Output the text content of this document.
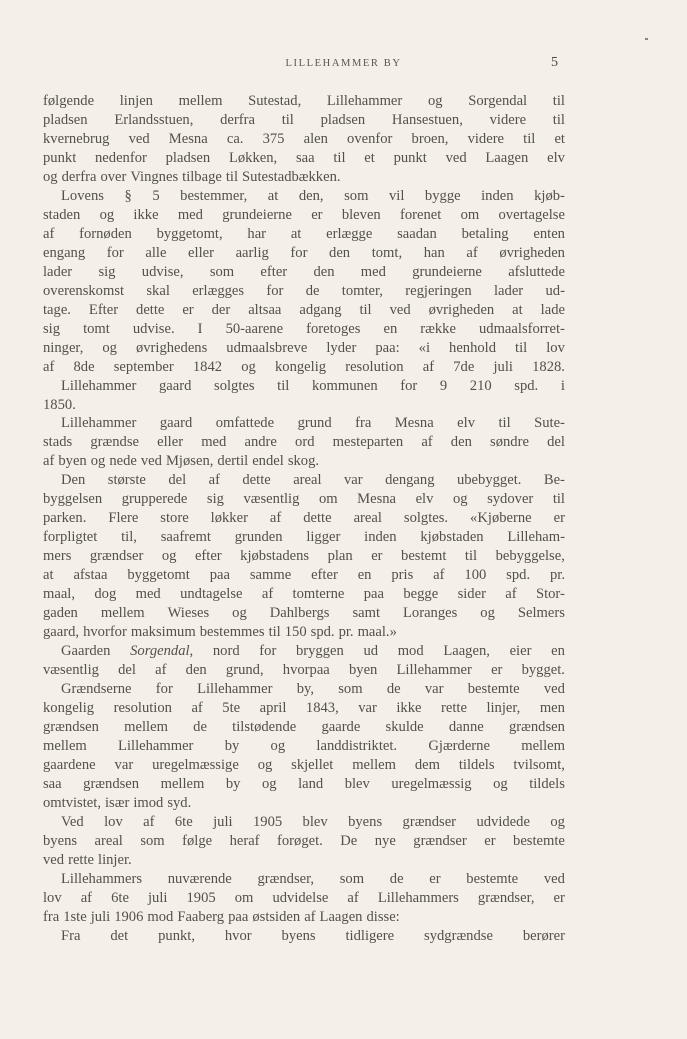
LILLEHAMMER BY	5
følgende linjen mellem Sutestad, Lillehammer og Sorgendal til
pladsen Erlandsstuen, derfra til pladsen Hansestuen, videre til
kvernebrug ved Mesna ca. 375 alen ovenfor broen, videre til et
punkt nedenfor pladsen Løkken, saa til et punkt ved Laagen elv
og derfra over Vingnes tilbage til Sutestadbækken.
Lovens § 5 bestemmer, at den, som vil bygge inden kjøb-
staden og ikke med grundeierne er bleven forenet om overtagelse
af fornøden byggetomt, har at erlægge saadan betaling enten
engang for alle eller aarlig for den tomt, han af øvrigheden
lader sig udvise, som efter den med grundeierne afsluttede
overenskomst skal erlægges for de tomter, regjeringen lader ud-
tage. Efter dette er der altsaa adgang til ved øvrigheden at lade
sig tomt udvise. I 50-aarene foretoges en række udmaalsforret-
ninger, og øvrighedens udmaalsbreve lyder paa: «i henhold til lov
af 8de september 1842 og kongelig resolution af 7de juli 1828.
Lillehammer gaard solgtes til kommunen for 9 210 spd. i
1850.
Lillehammer gaard omfattede grund fra Mesna elv til Sute-
stads grændse eller med andre ord mesteparten af den søndre del
af byen og nede ved Mjøsen, dertil endel skog.
Den største del af dette areal var dengang ubebygget. Be-
byggelsen grupperede sig væsentlig om Mesna elv og sydover til
parken. Flere store løkker af dette areal solgtes. «Kjøberne er
forpligtet til, saafremt grunden ligger inden kjøbstaden Lilleham-
mers grændser og efter kjøbstadens plan er bestemt til bebyggelse,
at afstaa byggetomt paa samme efter en pris af 100 spd. pr.
maal, dog med undtagelse af tomterne paa begge sider af Stor-
gaden mellem Wieses og Dahlbergs samt Loranges og Selmers
gaard, hvorfor maksimum bestemmes til 150 spd. pr. maal.»
Gaarden Sorgendal, nord for bryggen ud mod Laagen, eier en
væsentlig del af den grund, hvorpaa byen Lillehammer er bygget.
Grændserne for Lillehammer by, som de var bestemte ved
kongelig resolution af 5te april 1843, var ikke rette linjer, men
grændsen mellem de tilstødende gaarde skulde danne grændsen
mellem Lillehammer by og landdistriktet. Gjærderne mellem
gaardene var uregelmæssige og skjellet mellem dem tildels tvilsomt,
saa grændsen mellem by og land blev uregelmæssig og tildels
omtvistet, især imod syd.
Ved lov af 6te juli 1905 blev byens grændser udvidede og
byens areal som følge heraf forøget. De nye grændser er bestemte
ved rette linjer.
Lillehammers nuværende grændser, som de er bestemte ved
lov af 6te juli 1905 om udvidelse af Lillehammers grændser, er
fra 1ste juli 1906 mod Faaberg paa østsiden af Laagen disse:
Fra det punkt, hvor byens tidligere sydgrændse berører
